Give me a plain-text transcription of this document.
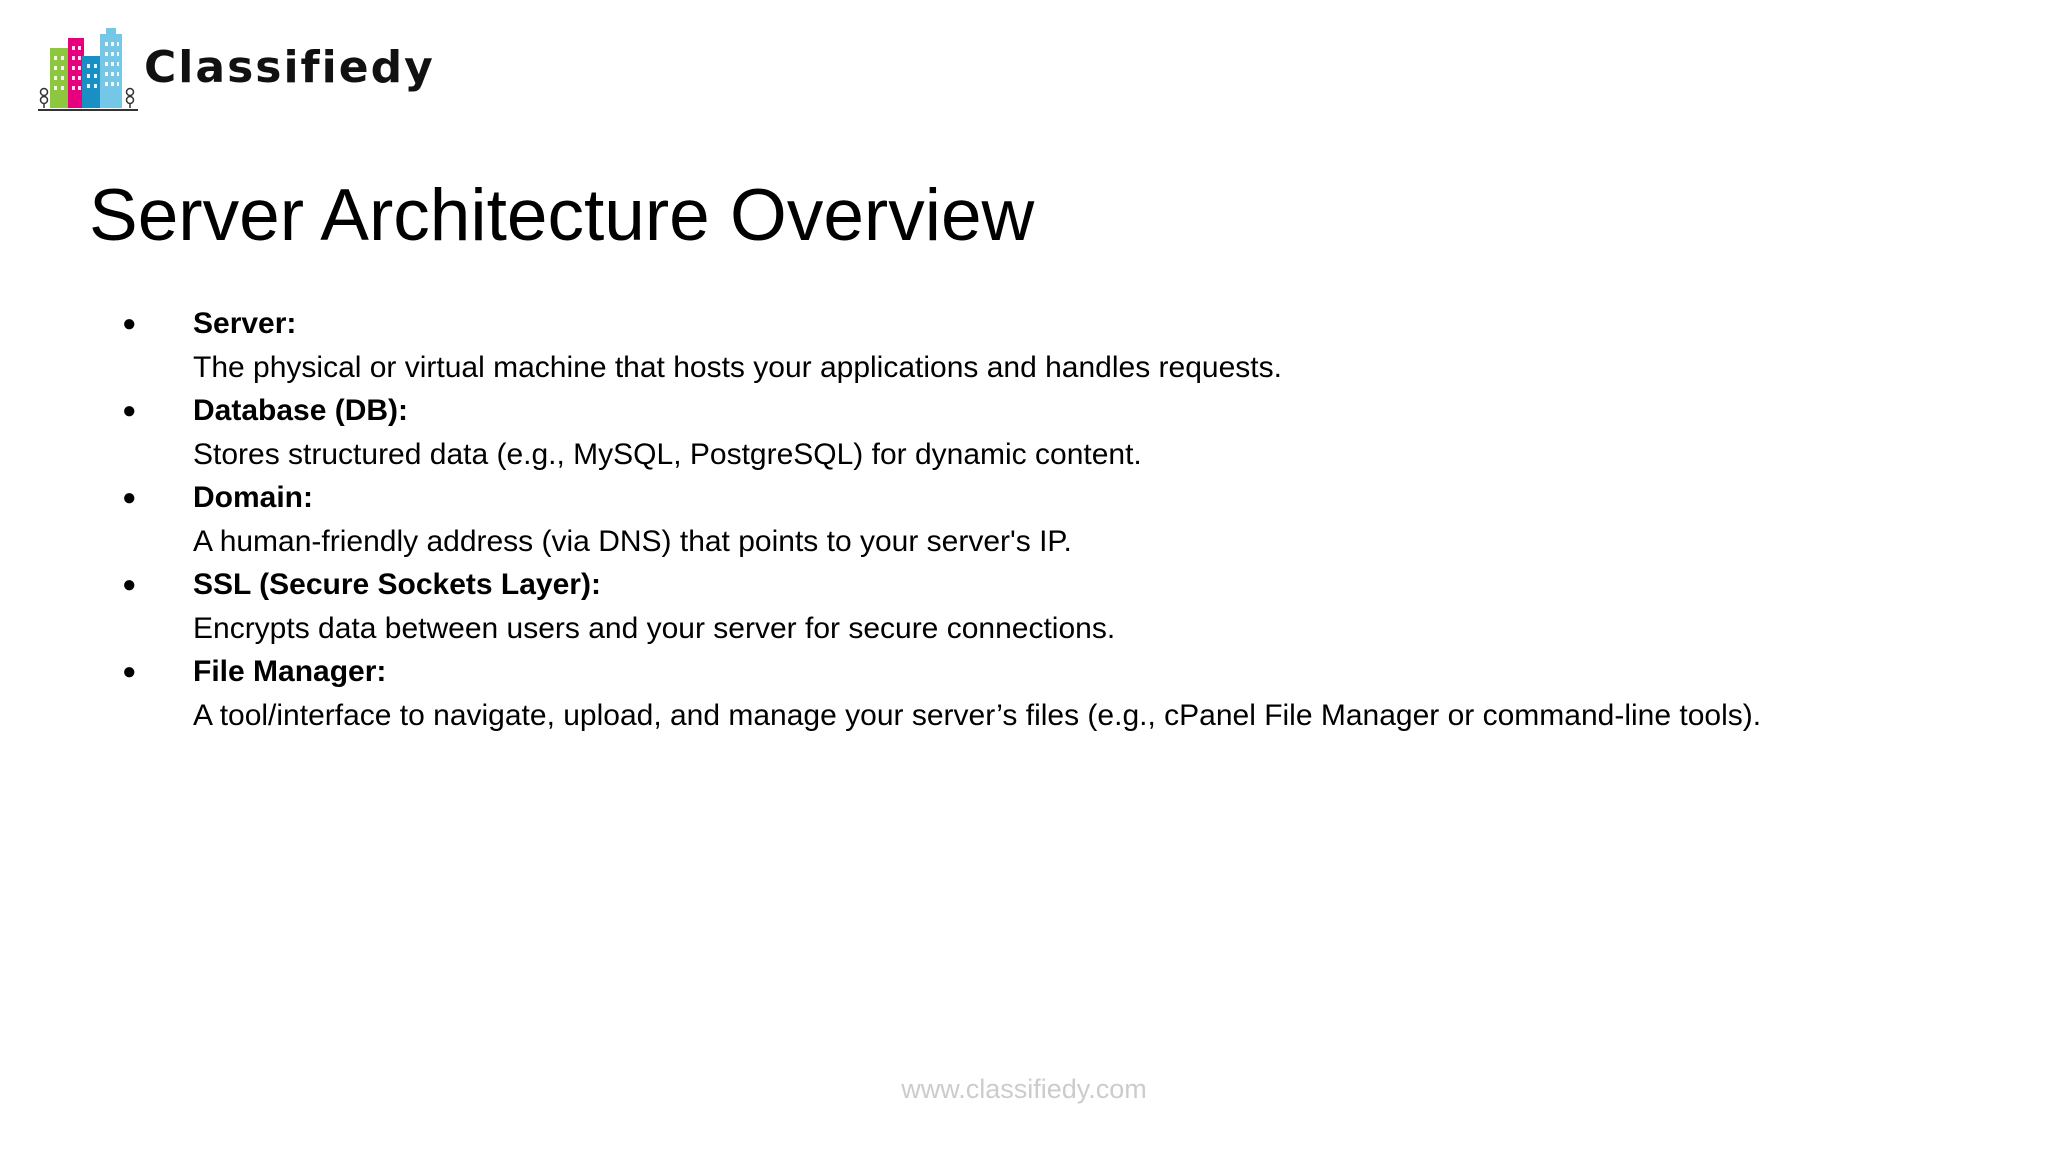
Classifiedy
Server Architecture Overview
● Server:
The physical or virtual machine that hosts your applications and handles requests.
● Database (DB):
Stores structured data (e.g., MySQL, PostgreSQL) for dynamic content.
● Domain:
A human-friendly address (via DNS) that points to your server's IP.
● SSL (Secure Sockets Layer):
Encrypts data between users and your server for secure connections.
● File Manager:
A tool/interface to navigate, upload, and manage your server’s files (e.g., cPanel File Manager or command-line tools).
www.classifiedy.com
